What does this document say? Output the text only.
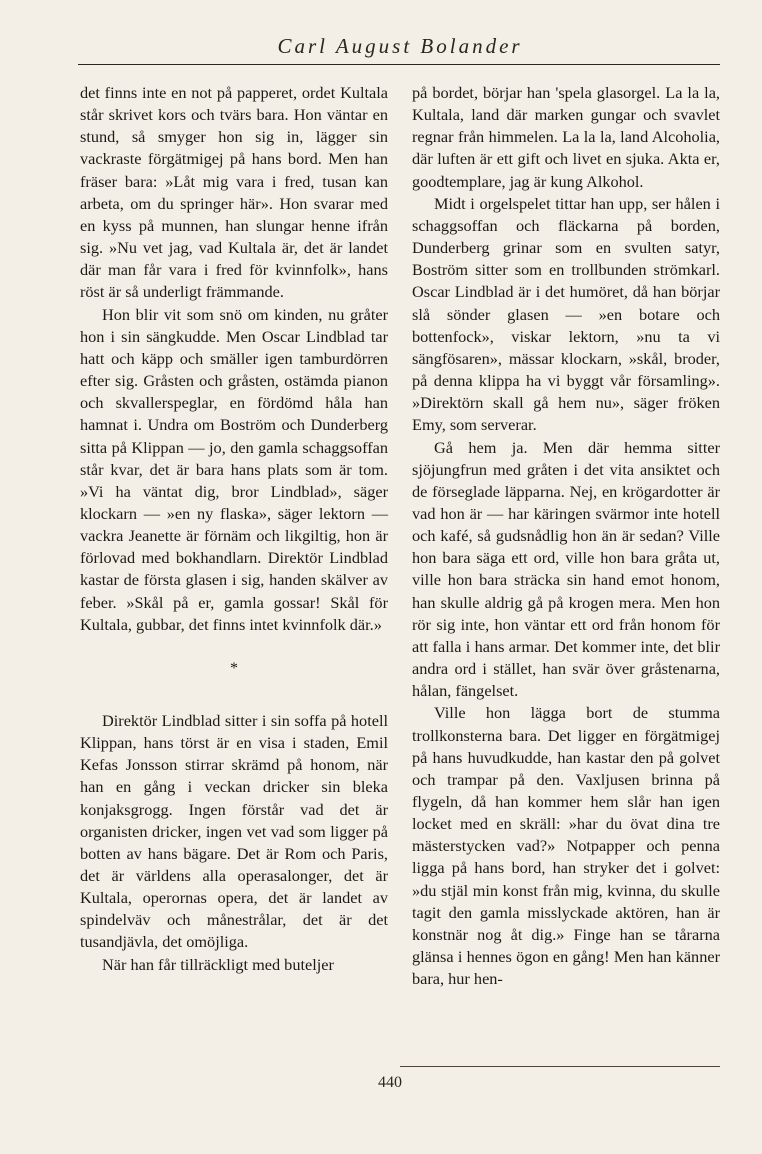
Carl August Bolander

det finns inte en not på papperet, ordet Kultala står skrivet kors och tvärs bara. Hon väntar en stund, så smyger hon sig in, lägger sin vackraste förgätmigej på hans bord. Men han fräser bara: »Låt mig vara i fred, tusan kan arbeta, om du springer här». Hon svarar med en kyss på munnen, han slungar henne ifrån sig. »Nu vet jag, vad Kultala är, det är landet där man får vara i fred för kvinnfolk», hans röst är så underligt främmande.

Hon blir vit som snö om kinden, nu gråter hon i sin sängkudde. Men Oscar Lindblad tar hatt och käpp och smäller igen tamburdörren efter sig. Gråsten och gråsten, ostämda pianon och skvallerspeglar, en fördömd håla han hamnat i. Undra om Boström och Dunderberg sitta på Klippan — jo, den gamla schaggsoffan står kvar, det är bara hans plats som är tom. »Vi ha väntat dig, bror Lindblad», säger klockarn — »en ny flaska», säger lektorn — vackra Jeanette är förnäm och likgiltig, hon är förlovad med bokhandlarn. Direktör Lindblad kastar de första glasen i sig, handen skälver av feber. »Skål på er, gamla gossar! Skål för Kultala, gubbar, det finns intet kvinnfolk där.»

*

Direktör Lindblad sitter i sin soffa på hotell Klippan, hans törst är en visa i staden, Emil Kefas Jonsson stirrar skrämd på honom, när han en gång i veckan dricker sin bleka konjaksgrogg. Ingen förstår vad det är organisten dricker, ingen vet vad som ligger på botten av hans bägare. Det är Rom och Paris, det är världens alla operasalonger, det är Kultala, operornas opera, det är landet av spindelväv och månestrålar, det är det tusandjävla, det omöjliga.

När han får tillräckligt med buteljer

på bordet, börjar han 'spela glasorgel. La la la, Kultala, land där marken gungar och svavlet regnar från himmelen. La la la, land Alcoholia, där luften är ett gift och livet en sjuka. Akta er, goodtemplare, jag är kung Alkohol.

Midt i orgelspelet tittar han upp, ser hålen i schaggsoffan och fläckarna på borden, Dunderberg grinar som en svulten satyr, Boström sitter som en trollbunden strömkarl. Oscar Lindblad är i det humöret, då han börjar slå sönder glasen — »en botare och bottenfock», viskar lektorn, »nu ta vi sängfösaren», mässar klockarn, »skål, broder, på denna klippa ha vi byggt vår församling». »Direktörn skall gå hem nu», säger fröken Emy, som serverar.

Gå hem ja. Men där hemma sitter sjöjungfrun med gråten i det vita ansiktet och de förseglade läpparna. Nej, en krögardotter är vad hon är — har käringen svärmor inte hotell och kafé, så gudsnådlig hon än är sedan? Ville hon bara säga ett ord, ville hon bara gråta ut, ville hon bara sträcka sin hand emot honom, han skulle aldrig gå på krogen mera. Men hon rör sig inte, hon väntar ett ord från honom för att falla i hans armar. Det kommer inte, det blir andra ord i stället, han svär över gråstenarna, hålan, fängelset.

Ville hon lägga bort de stumma trollkonsterna bara. Det ligger en förgätmigej på hans huvudkudde, han kastar den på golvet och trampar på den. Vaxljusen brinna på flygeln, då han kommer hem slår han igen locket med en skräll: »har du övat dina tre mästerstycken vad?» Notpapper och penna ligga på hans bord, han stryker det i golvet: »du stjäl min konst från mig, kvinna, du skulle tagit den gamla misslyckade aktören, han är konstnär nog åt dig.» Finge han se tårarna glänsa i hennes ögon en gång! Men han känner bara, hur hen-

440
